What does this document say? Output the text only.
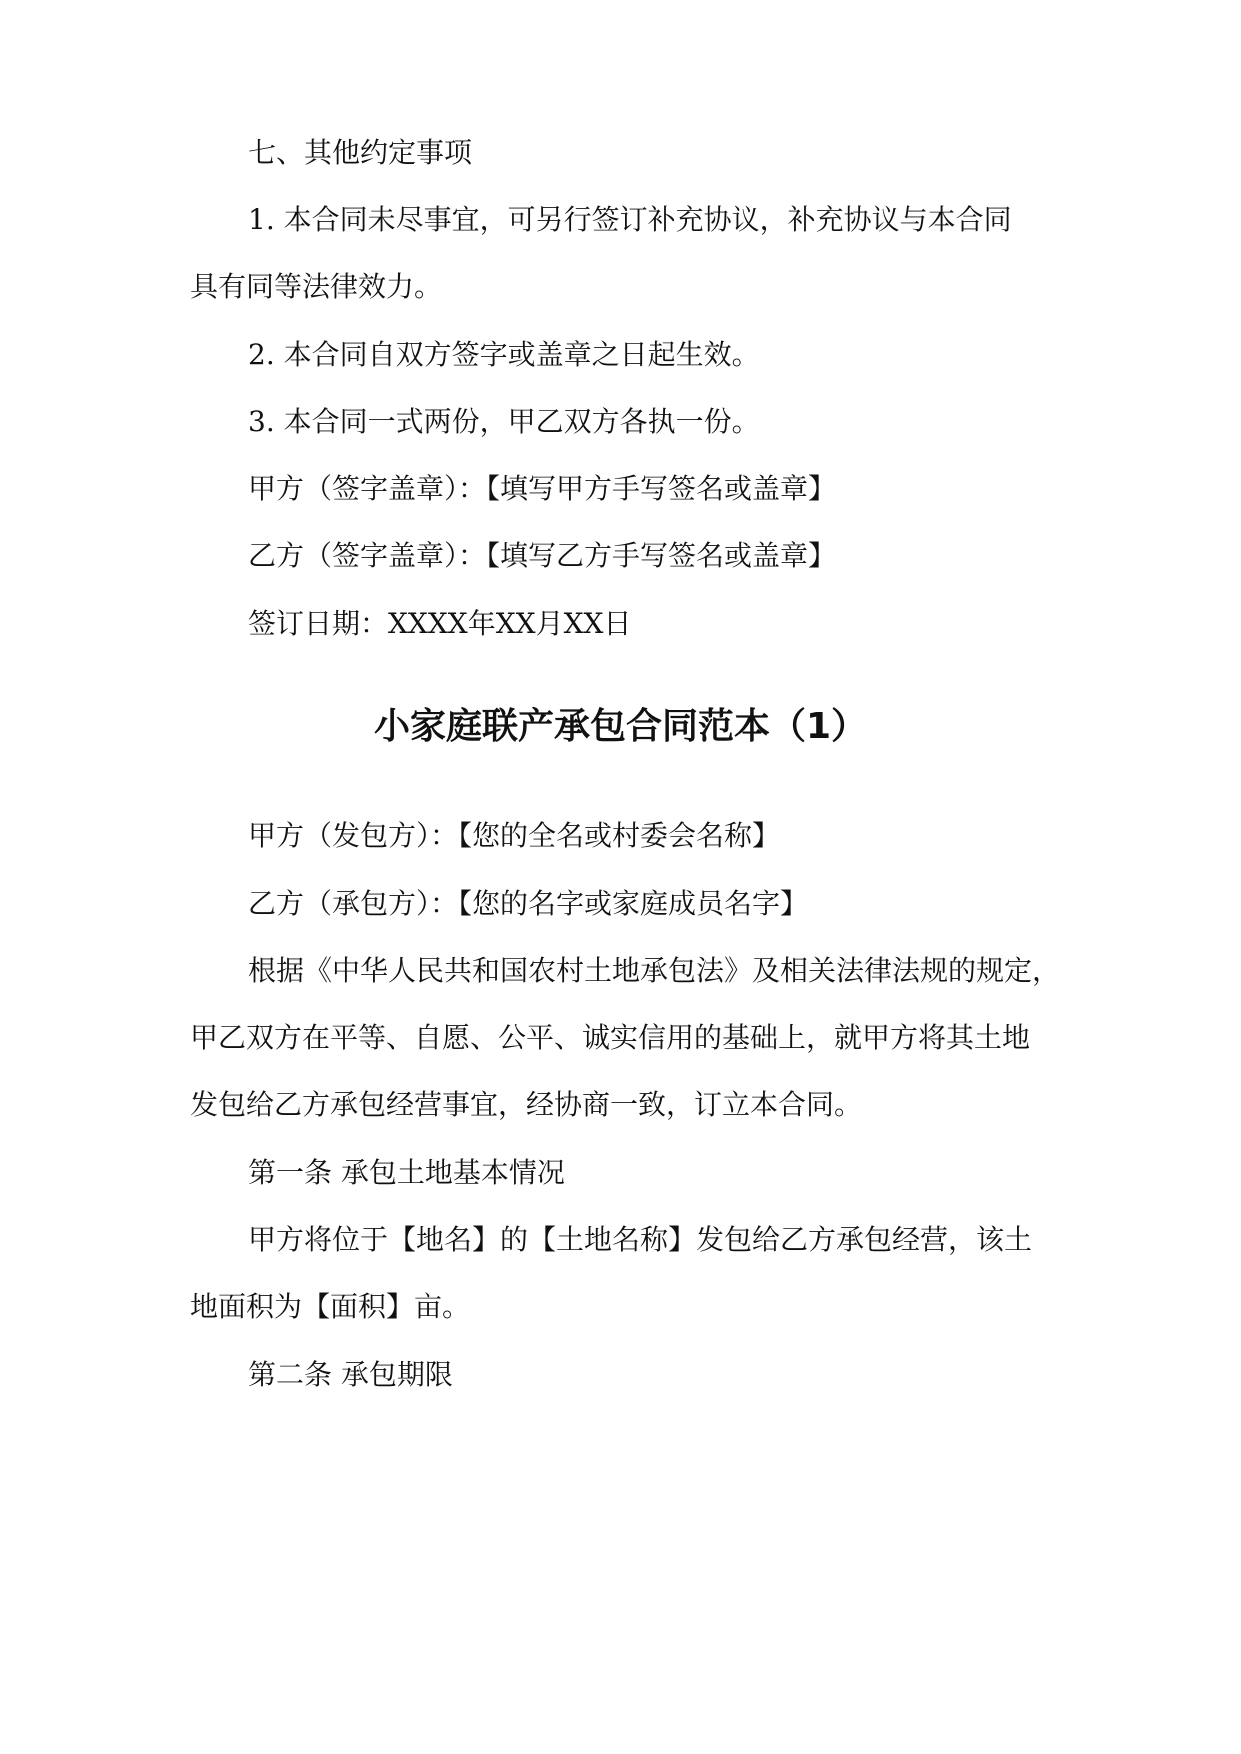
七、其他约定事项
1. 本合同未尽事宜，可另行签订补充协议，补充协议与本合同
具有同等法律效力。
2. 本合同自双方签字或盖章之日起生效。
3. 本合同一式两份，甲乙双方各执一份。
甲方（签字盖章）：【填写甲方手写签名或盖章】
乙方（签字盖章）：【填写乙方手写签名或盖章】
签订日期：XXXX年XX月XX日
小家庭联产承包合同范本（1）
甲方（发包方）：【您的全名或村委会名称】
乙方（承包方）：【您的名字或家庭成员名字】
根据《中华人民共和国农村土地承包法》及相关法律法规的规定，
甲乙双方在平等、自愿、公平、诚实信用的基础上，就甲方将其土地
发包给乙方承包经营事宜，经协商一致，订立本合同。
第一条 承包土地基本情况
甲方将位于【地名】的【土地名称】发包给乙方承包经营，该土
地面积为【面积】亩。
第二条 承包期限
